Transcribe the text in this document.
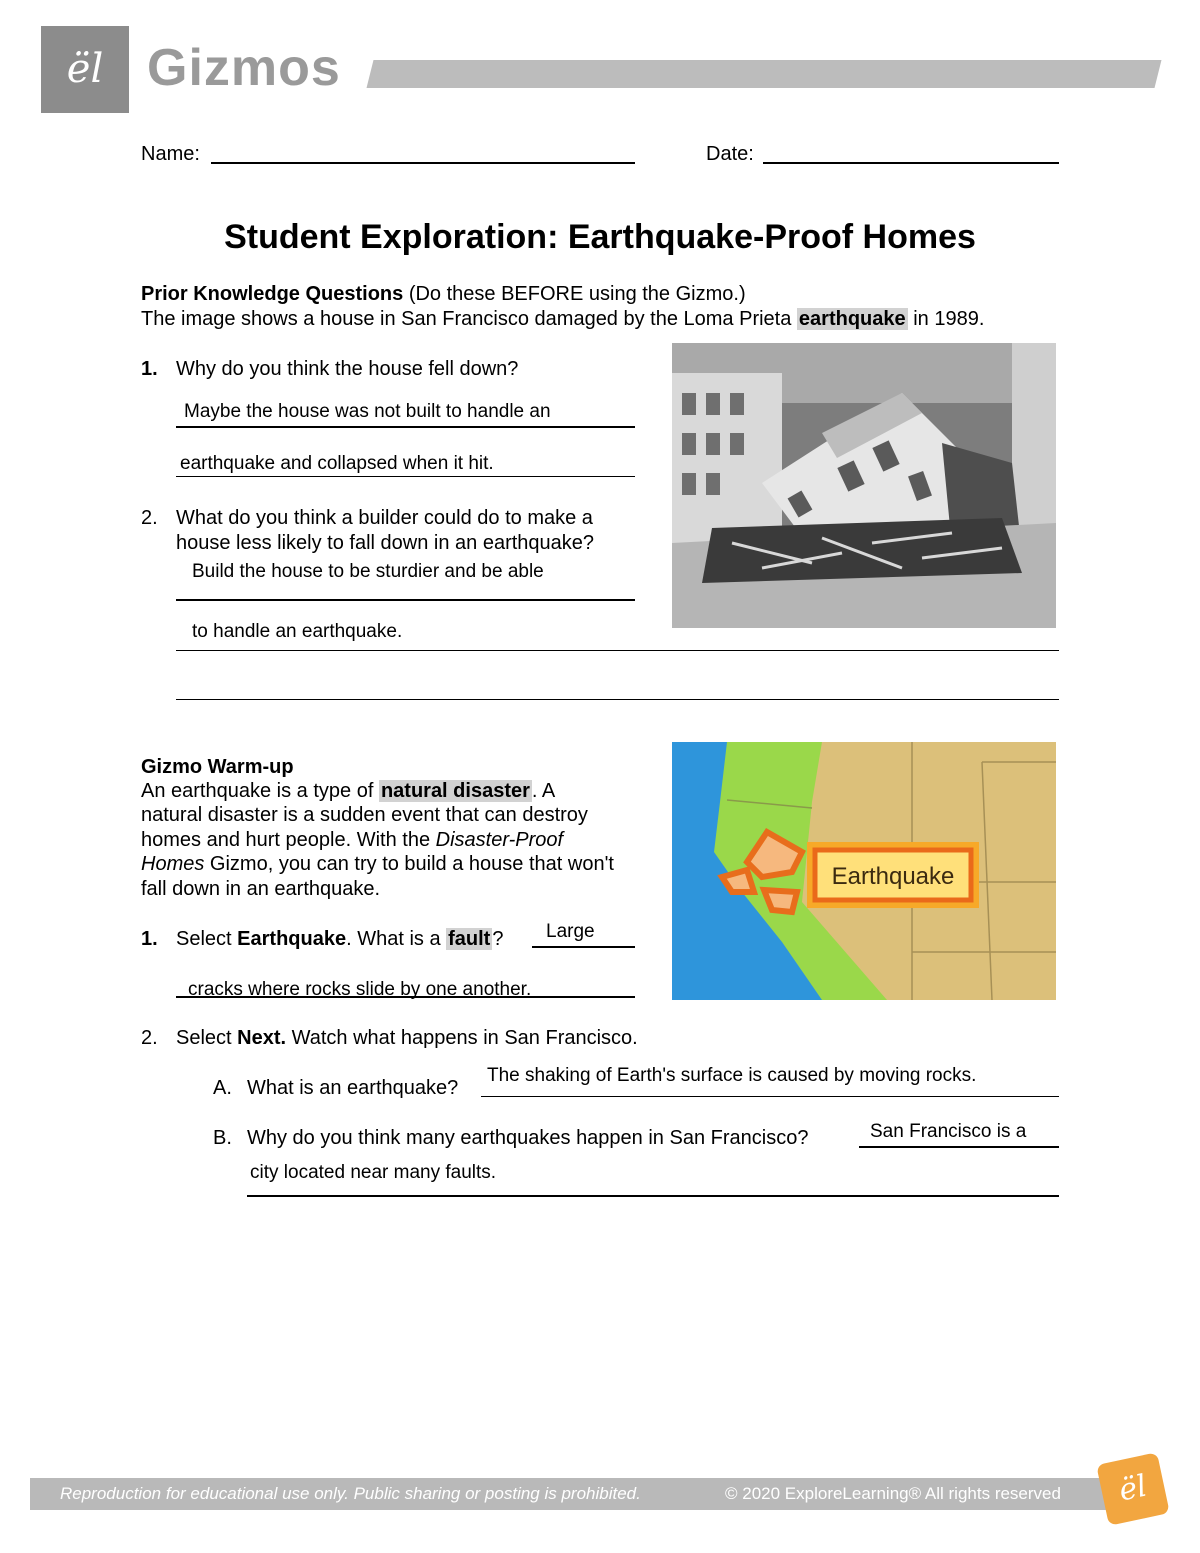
ël Gizmos
Name:	Date:
Student Exploration: Earthquake-Proof Homes
Prior Knowledge Questions (Do these BEFORE using the Gizmo.)
The image shows a house in San Francisco damaged by the Loma Prieta earthquake in 1989.
1. Why do you think the house fell down?
Maybe the house was not built to handle an
earthquake and collapsed when it hit.
2. What do you think a builder could do to make a
house less likely to fall down in an earthquake?
Build the house to be sturdier and be able
to handle an earthquake.
Gizmo Warm-up
An earthquake is a type of natural disaster . A
natural disaster is a sudden event that can destroy
homes and hurt people. With the Disaster-Proof
Homes Gizmo, you can try to build a house that won't
fall down in an earthquake.
1. Select Earthquake. What is a fault ? Large
cracks where rocks slide by one another.
2. Select Next. Watch what happens in San Francisco.
A. What is an earthquake?
The shaking of Earth's surface is caused by moving rocks.
B. Why do you think many earthquakes happen in San Francisco?	San Francisco is a
city located near many faults.
Earthquake
Reproduction for educational use only. Public sharing or posting is prohibited.	© 2020 ExploreLearning® All rights reserved	ël
